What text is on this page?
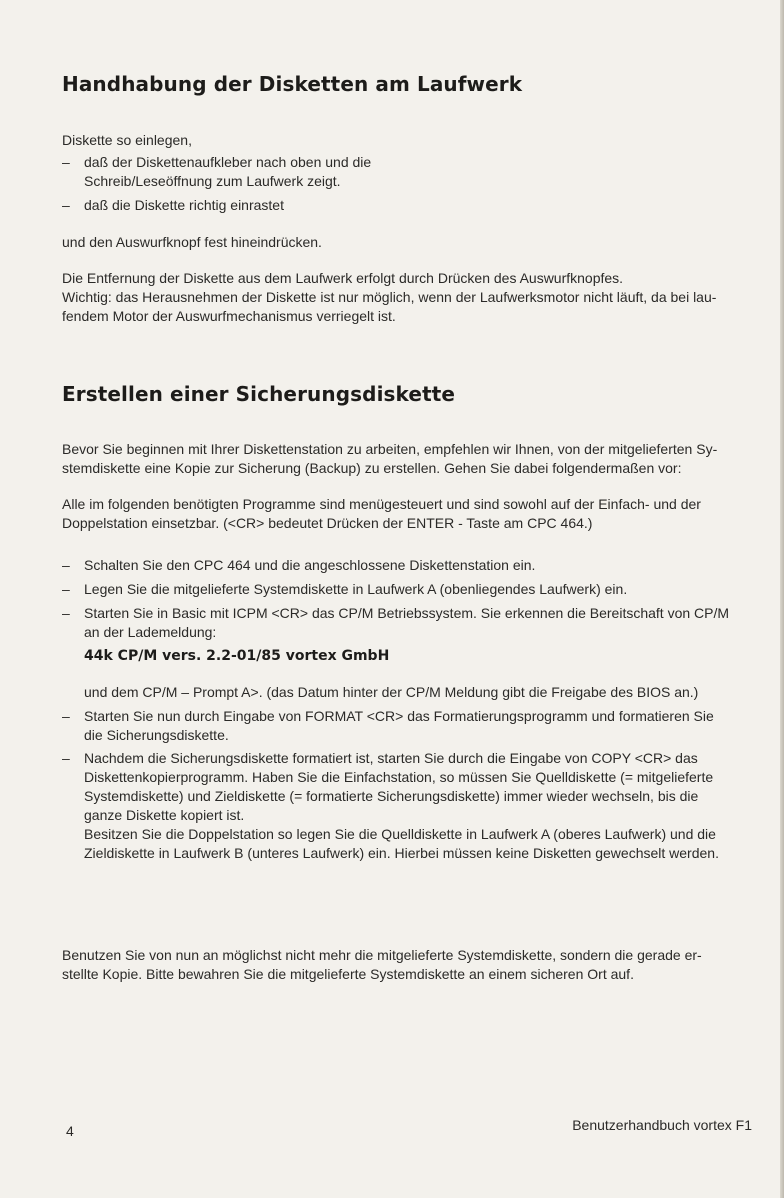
Handhabung der Disketten am Laufwerk

Diskette so einlegen,

–	daß der Diskettenaufkleber nach oben und die
Schreib/Leseöffnung zum Laufwerk zeigt.
–	daß die Diskette richtig einrastet

und den Auswurfknopf fest hineindrücken.

Die Entfernung der Diskette aus dem Laufwerk erfolgt durch Drücken des Auswurfknopfes.
Wichtig: das Herausnehmen der Diskette ist nur möglich, wenn der Laufwerksmotor nicht läuft, da bei lau-
fendem Motor der Auswurfmechanismus verriegelt ist.
Erstellen einer Sicherungsdiskette
Bevor Sie beginnen mit Ihrer Diskettenstation zu arbeiten, empfehlen wir Ihnen, von der mitgelieferten Sy-
stemdiskette eine Kopie zur Sicherung (Backup) zu erstellen. Gehen Sie dabei folgendermaßen vor:
Alle im folgenden benötigten Programme sind menügesteuert und sind sowohl auf der Einfach- und der
Doppelstation einsetzbar. (<CR> bedeutet Drücken der ENTER - Taste am CPC 464.)
–	Schalten Sie den CPC 464 und die angeschlossene Diskettenstation ein.
–	Legen Sie die mitgelieferte Systemdiskette in Laufwerk A (obenliegendes Laufwerk) ein.
–	Starten Sie in Basic mit ICPM <CR> das CP/M Betriebssystem. Sie erkennen die Bereitschaft von CP/M
an der Lademeldung:
44k CP/M vers. 2.2-01/85 vortex GmbH
und dem CP/M – Prompt A>. (das Datum hinter der CP/M Meldung gibt die Freigabe des BIOS an.)
–	Starten Sie nun durch Eingabe von FORMAT <CR> das Formatierungsprogramm und formatieren Sie
die Sicherungsdiskette.
–	Nachdem die Sicherungsdiskette formatiert ist, starten Sie durch die Eingabe von COPY <CR> das
Diskettenkopierprogramm. Haben Sie die Einfachstation, so müssen Sie Quelldiskette (= mitgelieferte
Systemdiskette) und Zieldiskette (= formatierte Sicherungsdiskette) immer wieder wechseln, bis die
ganze Diskette kopiert ist.
Besitzen Sie die Doppelstation so legen Sie die Quelldiskette in Laufwerk A (oberes Laufwerk) und die
Zieldiskette in Laufwerk B (unteres Laufwerk) ein. Hierbei müssen keine Disketten gewechselt werden.
Benutzen Sie von nun an möglichst nicht mehr die mitgelieferte Systemdiskette, sondern die gerade er-
stellte Kopie. Bitte bewahren Sie die mitgelieferte Systemdiskette an einem sicheren Ort auf.
4	Benutzerhandbuch vortex F1
